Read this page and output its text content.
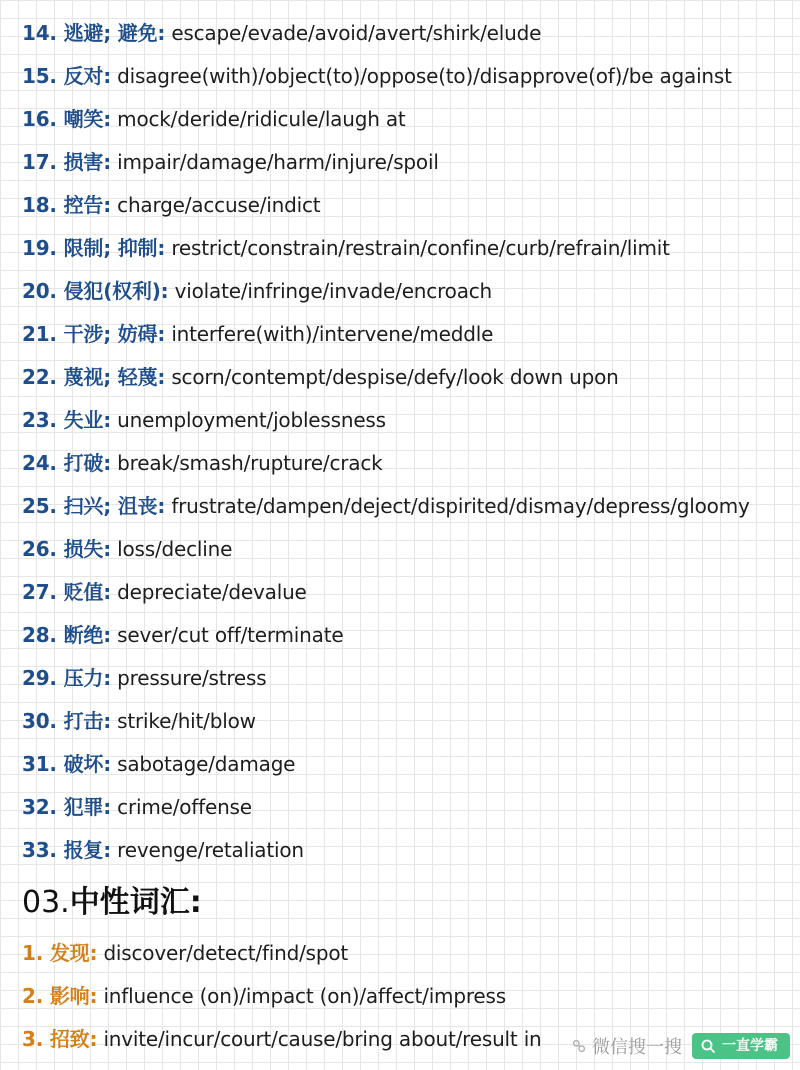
14. 逃避; 避免: escape/evade/avoid/avert/shirk/elude
15. 反对: disagree(with)/object(to)/oppose(to)/disapprove(of)/be against
16. 嘲笑: mock/deride/ridicule/laugh at
17. 损害: impair/damage/harm/injure/spoil
18. 控告: charge/accuse/indict
19. 限制; 抑制: restrict/constrain/restrain/confine/curb/refrain/limit
20. 侵犯(权利): violate/infringe/invade/encroach
21. 干涉; 妨碍: interfere(with)/intervene/meddle
22. 蔑视; 轻蔑: scorn/contempt/despise/defy/look down upon
23. 失业: unemployment/joblessness
24. 打破: break/smash/rupture/crack
25. 扫兴; 沮丧: frustrate/dampen/deject/dispirited/dismay/depress/gloomy
26. 损失: loss/decline
27. 贬值: depreciate/devalue
28. 断绝: sever/cut off/terminate
29. 压力: pressure/stress
30. 打击: strike/hit/blow
31. 破坏: sabotage/damage
32. 犯罪: crime/offense
33. 报复: revenge/retaliation
03.中性词汇:
1. 发现: discover/detect/find/spot
2. 影响: influence (on)/impact (on)/affect/impress
3. 招致: invite/incur/court/cause/bring about/result in	微信搜一搜	一直学霸
